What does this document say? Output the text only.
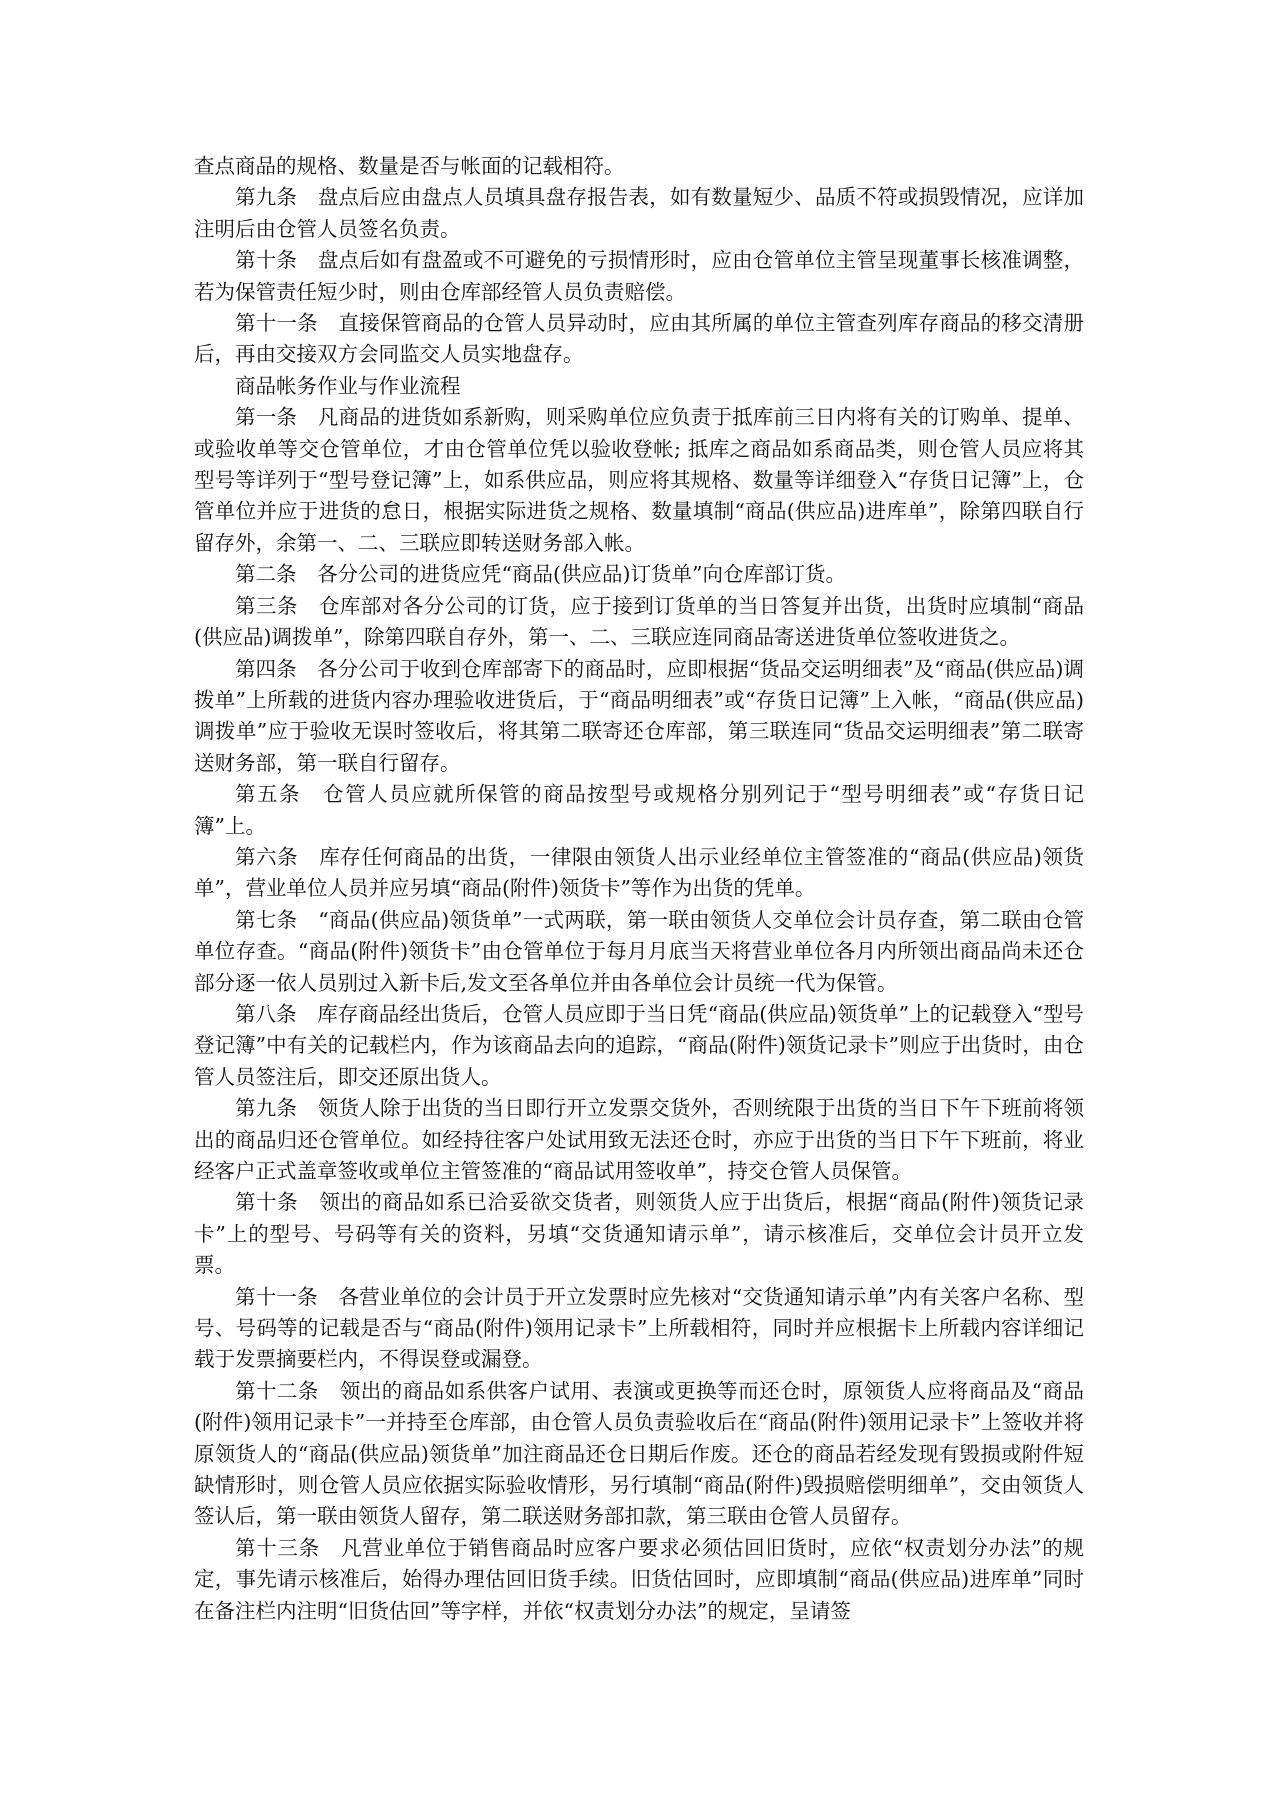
查点商品的规格、数量是否与帐面的记载相符。

第九条　盘点后应由盘点人员填具盘存报告表，如有数量短少、品质不符或损毁情况，应详加注明后由仓管人员签名负责。

第十条　盘点后如有盘盈或不可避免的亏损情形时，应由仓管单位主管呈现董事长核准调整，若为保管责任短少时，则由仓库部经管人员负责赔偿。

第十一条　直接保管商品的仓管人员异动时，应由其所属的单位主管查列库存商品的移交清册后，再由交接双方会同监交人员实地盘存。

商品帐务作业与作业流程

第一条　凡商品的进货如系新购，则采购单位应负责于抵库前三日内将有关的订购单、提单、或验收单等交仓管单位，才由仓管单位凭以验收登帐; 抵库之商品如系商品类，则仓管人员应将其型号等详列于“型号登记簿”上，如系供应品，则应将其规格、数量等详细登入“存货日记簿”上，仓管单位并应于进货的怠日，根据实际进货之规格、数量填制“商品(供应品)进库单”，除第四联自行留存外，余第一、二、三联应即转送财务部入帐。

第二条　各分公司的进货应凭“商品(供应品)订货单”向仓库部订货。

第三条　仓库部对各分公司的订货，应于接到订货单的当日答复并出货，出货时应填制“商品(供应品)调拨单”，除第四联自存外，第一、二、三联应连同商品寄送进货单位签收进货之。

第四条　各分公司于收到仓库部寄下的商品时，应即根据“货品交运明细表”及“商品(供应品)调拨单”上所载的进货内容办理验收进货后，于“商品明细表”或“存货日记簿”上入帐，“商品(供应品)调拨单”应于验收无误时签收后，将其第二联寄还仓库部，第三联连同“货品交运明细表”第二联寄送财务部，第一联自行留存。

第五条　仓管人员应就所保管的商品按型号或规格分别列记于“型号明细表”或“存货日记簿”上。

第六条　库存任何商品的出货，一律限由领货人出示业经单位主管签准的“商品(供应品)领货单”，营业单位人员并应另填“商品(附件)领货卡”等作为出货的凭单。

第七条　“商品(供应品)领货单”一式两联，第一联由领货人交单位会计员存查，第二联由仓管单位存查。“商品(附件)领货卡”由仓管单位于每月月底当天将营业单位各月内所领出商品尚未还仓部分逐一依人员别过入新卡后,发文至各单位并由各单位会计员统一代为保管。

第八条　库存商品经出货后，仓管人员应即于当日凭“商品(供应品)领货单”上的记载登入“型号登记簿”中有关的记载栏内，作为该商品去向的追踪，“商品(附件)领货记录卡”则应于出货时，由仓管人员签注后，即交还原出货人。

第九条　领货人除于出货的当日即行开立发票交货外，否则统限于出货的当日下午下班前将领出的商品归还仓管单位。如经持往客户处试用致无法还仓时，亦应于出货的当日下午下班前，将业经客户正式盖章签收或单位主管签准的“商品试用签收单”，持交仓管人员保管。

第十条　领出的商品如系已洽妥欲交货者，则领货人应于出货后，根据“商品(附件)领货记录卡”上的型号、号码等有关的资料，另填“交货通知请示单”，请示核准后，交单位会计员开立发票。

第十一条　各营业单位的会计员于开立发票时应先核对“交货通知请示单”内有关客户名称、型号、号码等的记载是否与“商品(附件)领用记录卡”上所载相符，同时并应根据卡上所载内容详细记载于发票摘要栏内，不得误登或漏登。

第十二条　领出的商品如系供客户试用、表演或更换等而还仓时，原领货人应将商品及“商品(附件)领用记录卡”一并持至仓库部，由仓管人员负责验收后在“商品(附件)领用记录卡”上签收并将原领货人的“商品(供应品)领货单”加注商品还仓日期后作废。还仓的商品若经发现有毁损或附件短缺情形时，则仓管人员应依据实际验收情形，另行填制“商品(附件)毁损赔偿明细单”，交由领货人签认后，第一联由领货人留存，第二联送财务部扣款，第三联由仓管人员留存。

第十三条　凡营业单位于销售商品时应客户要求必须估回旧货时，应依“权责划分办法”的规定，事先请示核准后，始得办理估回旧货手续。旧货估回时，应即填制“商品(供应品)进库单”同时在备注栏内注明“旧货估回”等字样，并依“权责划分办法”的规定，呈请签
